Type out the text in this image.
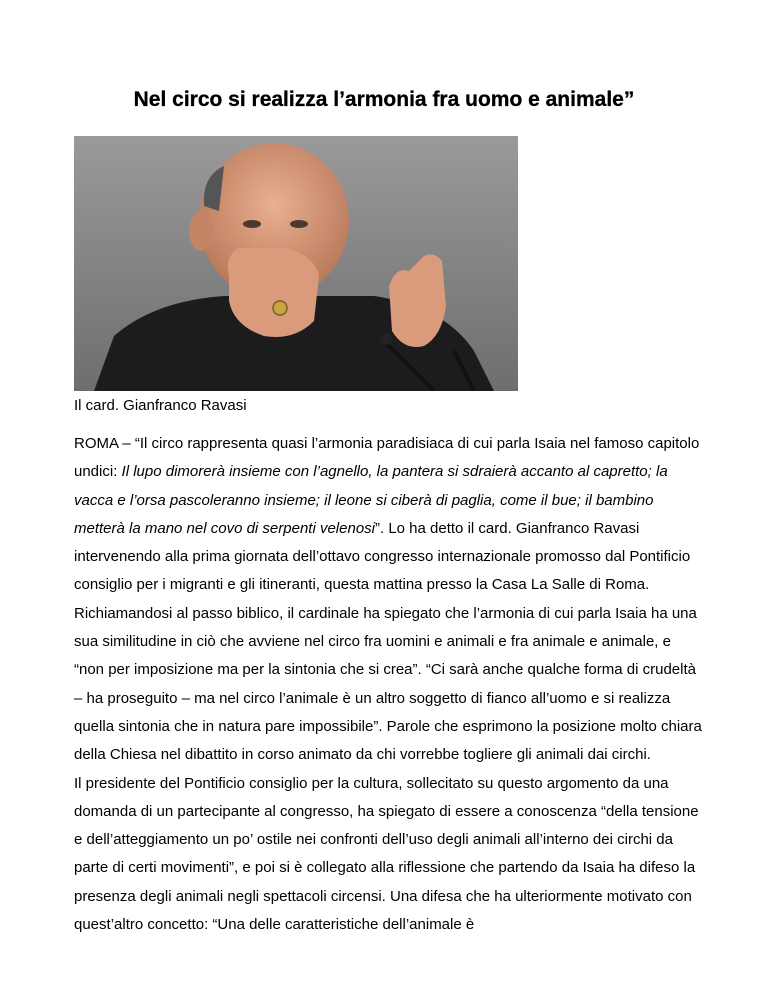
Nel circo si realizza l’armonia fra uomo e animale”
Il card. Gianfranco Ravasi

ROMA – “Il circo rappresenta quasi l’armonia paradisiaca di cui parla Isaia nel famoso capitolo undici: Il lupo dimorerà insieme con l’agnello, la pantera si sdraierà accanto al capretto; la vacca e l’orsa pascoleranno insieme; il leone si ciberà di paglia, come il bue; il bambino metterà la mano nel covo di serpenti velenosi”. Lo ha detto il card. Gianfranco Ravasi intervenendo alla prima giornata dell’ottavo congresso internazionale promosso dal Pontificio consiglio per i migranti e gli itineranti, questa mattina presso la Casa La Salle di Roma.

Richiamandosi al passo biblico, il cardinale ha spiegato che l’armonia di cui parla Isaia ha una sua similitudine in ciò che avviene nel circo fra uomini e animali e fra animale e animale, e “non per imposizione ma per la sintonia che si crea”. “Ci sarà anche qualche forma di crudeltà – ha proseguito – ma nel circo l’animale è un altro soggetto di fianco all’uomo e si realizza quella sintonia che in natura pare impossibile”. Parole che esprimono la posizione molto chiara della Chiesa nel dibattito in corso animato da chi vorrebbe togliere gli animali dai circhi.

Il presidente del Pontificio consiglio per la cultura, sollecitato su questo argomento da una domanda di un partecipante al congresso, ha spiegato di essere a conoscenza “della tensione e dell’atteggiamento un po’ ostile nei confronti dell’uso degli animali all’interno dei circhi da parte di certi movimenti”, e poi si è collegato alla riflessione che partendo da Isaia ha difeso la presenza degli animali negli spettacoli circensi. Una difesa che ha ulteriormente motivato con quest’altro concetto: “Una delle caratteristiche dell’animale è
